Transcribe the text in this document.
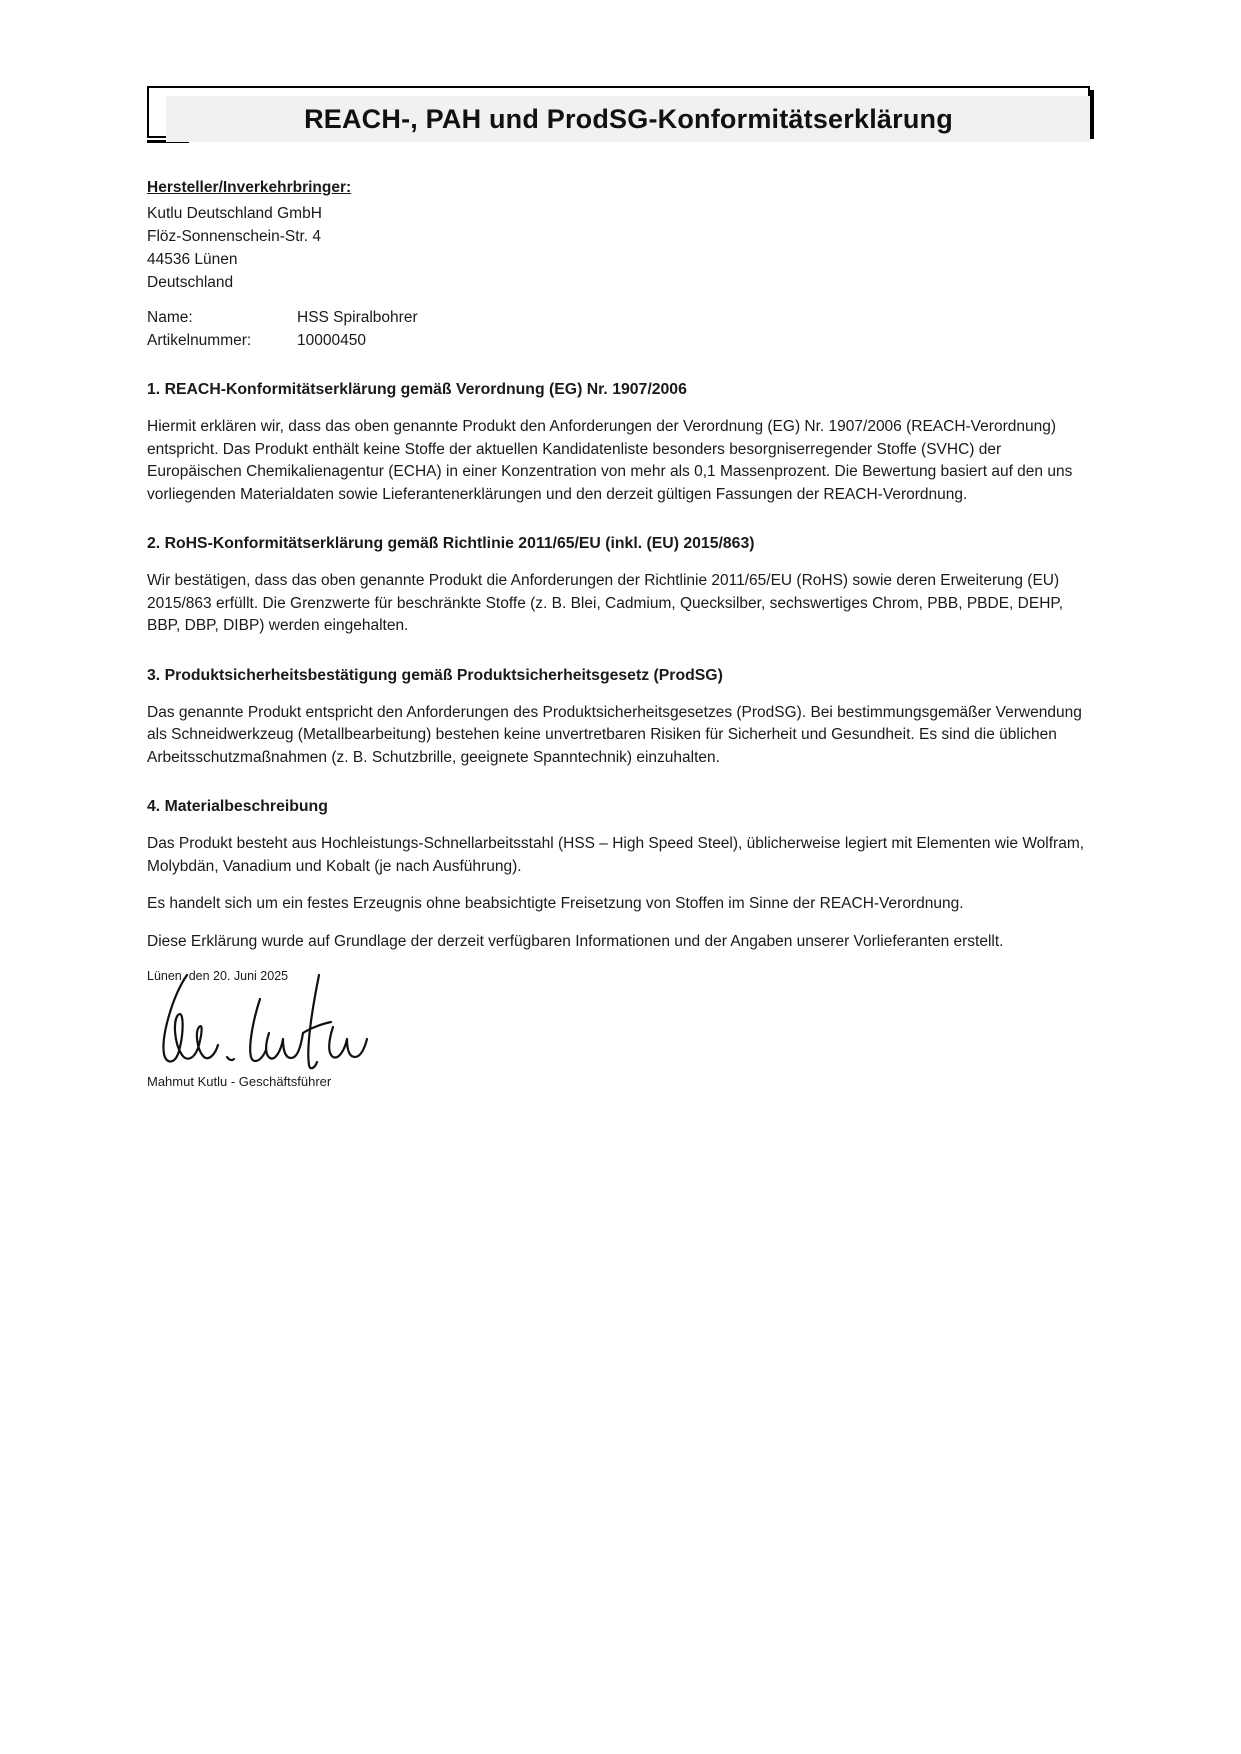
REACH-, PAH und ProdSG-Konformitätserklärung
Hersteller/Inverkehrbringer:
Kutlu Deutschland GmbH
Flöz-Sonnenschein-Str. 4
44536 Lünen
Deutschland
Name:	HSS Spiralbohrer
Artikelnummer:	10000450
1. REACH-Konformitätserklärung gemäß Verordnung (EG) Nr. 1907/2006

Hiermit erklären wir, dass das oben genannte Produkt den Anforderungen der Verordnung (EG) Nr. 1907/2006 (REACH-Verordnung) entspricht. Das Produkt enthält keine Stoffe der aktuellen Kandidatenliste besonders besorgniserregender Stoffe (SVHC) der Europäischen Chemikalienagentur (ECHA) in einer Konzentration von mehr als 0,1 Massenprozent. Die Bewertung basiert auf den uns vorliegenden Materialdaten sowie Lieferantenerklärungen und den derzeit gültigen Fassungen der REACH-Verordnung.

2. RoHS-Konformitätserklärung gemäß Richtlinie 2011/65/EU (inkl. (EU) 2015/863)

Wir bestätigen, dass das oben genannte Produkt die Anforderungen der Richtlinie 2011/65/EU (RoHS) sowie deren Erweiterung (EU) 2015/863 erfüllt. Die Grenzwerte für beschränkte Stoffe (z. B. Blei, Cadmium, Quecksilber, sechswertiges Chrom, PBB, PBDE, DEHP, BBP, DBP, DIBP) werden eingehalten.

3. Produktsicherheitsbestätigung gemäß Produktsicherheitsgesetz (ProdSG)

Das genannte Produkt entspricht den Anforderungen des Produktsicherheitsgesetzes (ProdSG). Bei bestimmungsgemäßer Verwendung als Schneidwerkzeug (Metallbearbeitung) bestehen keine unvertretbaren Risiken für Sicherheit und Gesundheit. Es sind die üblichen Arbeitsschutzmaßnahmen (z. B. Schutzbrille, geeignete Spanntechnik) einzuhalten.

4. Materialbeschreibung

Das Produkt besteht aus Hochleistungs-Schnellarbeitsstahl (HSS – High Speed Steel), üblicherweise legiert mit Elementen wie Wolfram, Molybdän, Vanadium und Kobalt (je nach Ausführung).

Es handelt sich um ein festes Erzeugnis ohne beabsichtigte Freisetzung von Stoffen im Sinne der REACH-Verordnung.

Diese Erklärung wurde auf Grundlage der derzeit verfügbaren Informationen und der Angaben unserer Vorlieferanten erstellt.

Lünen, den 20. Juni 2025
Mahmut Kutlu - Geschäftsführer
